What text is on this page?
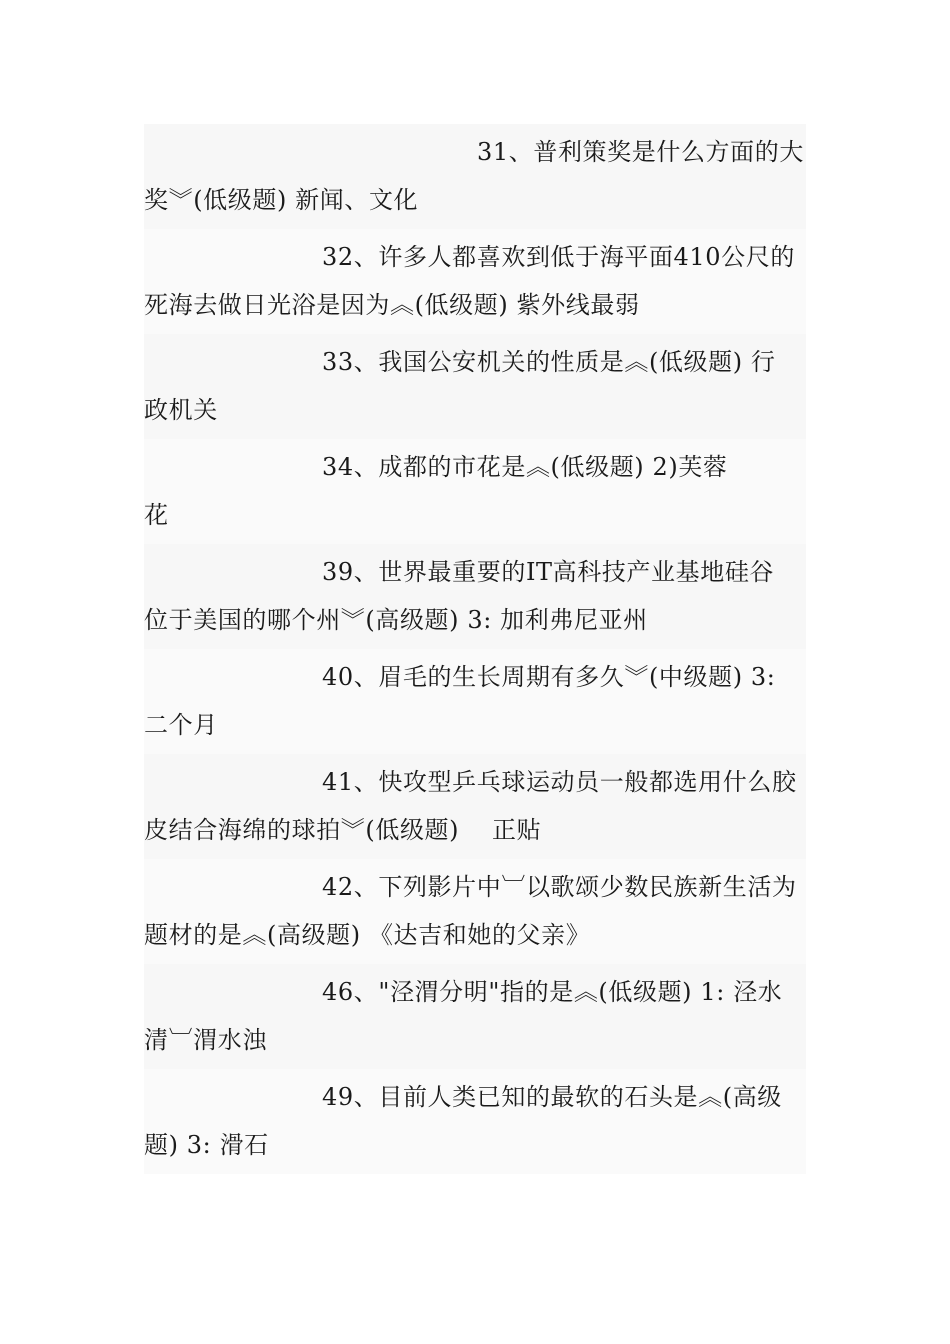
31、普利策奖是什么方面的大
奖︾(低级题) 新闻、文化
32、许多人都喜欢到低于海平面410公尺的
死海去做日光浴是因为︽(低级题) 紫外线最弱
33、我国公安机关的性质是︽(低级题) 行
政机关
34、成都的市花是︽(低级题) 2)芙蓉
花
39、世界最重要的IT高科技产业基地硅谷
位于美国的哪个州︾(高级题) 3: 加利弗尼亚州
40、眉毛的生长周期有多久︾(中级题) 3:
二个月
41、快攻型乒乓球运动员一般都选用什么胶
皮结合海绵的球拍︾(低级题)    正贴
42、下列影片中︺以歌颂少数民族新生活为
题材的是︽(高级题) 《达吉和她的父亲》
46、"泾渭分明"指的是︽(低级题) 1: 泾水
清︺渭水浊
49、目前人类已知的最软的石头是︽(高级
题) 3: 滑石
